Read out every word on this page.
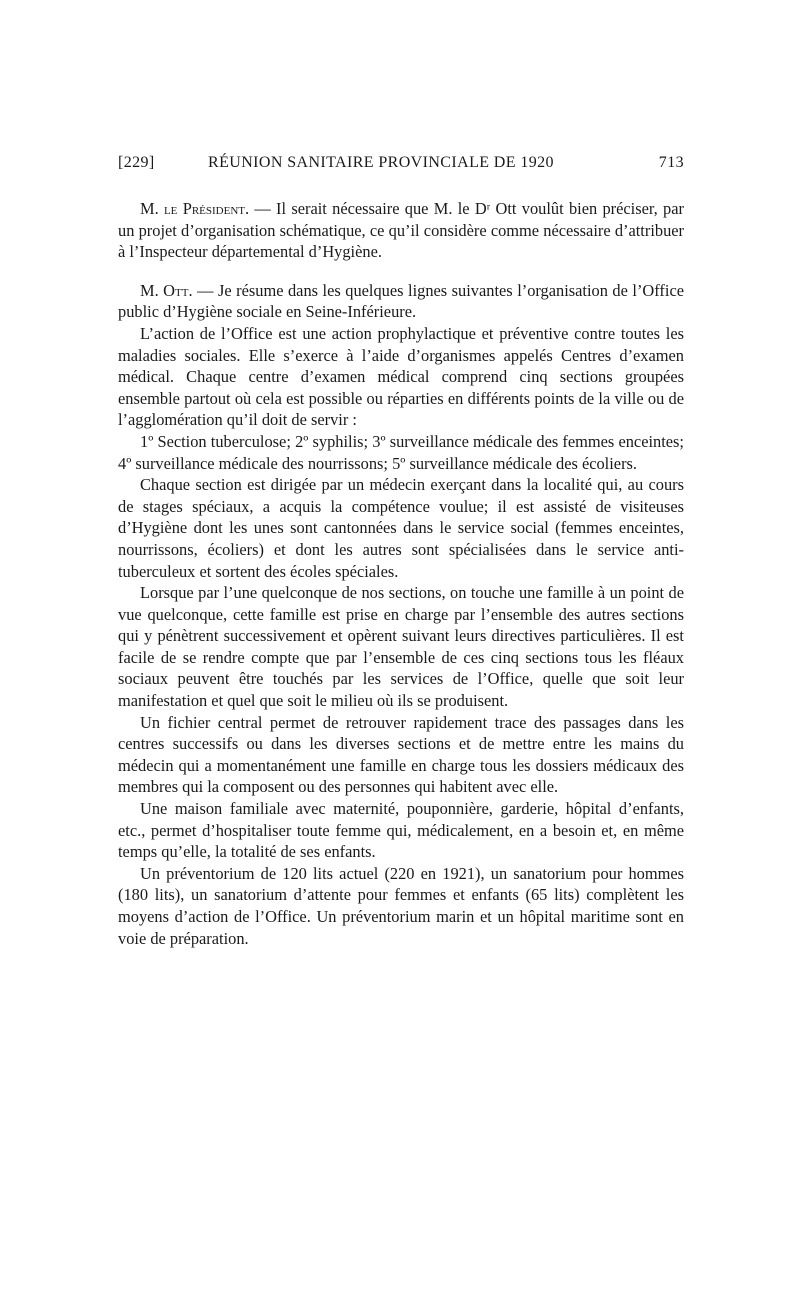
[229]	RÉUNION SANITAIRE PROVINCIALE DE 1920	713

M. le Président. — Il serait nécessaire que M. le Dʳ Ott voulût bien préciser, par un projet d’organisation schématique, ce qu’il considère comme nécessaire d’attribuer à l’Inspecteur départemental d’Hygiène.

M. Ott. — Je résume dans les quelques lignes suivantes l’organisation de l’Office public d’Hygiène sociale en Seine-Inférieure.

L’action de l’Office est une action prophylactique et préventive contre toutes les maladies sociales. Elle s’exerce à l’aide d’organismes appelés Centres d’examen médical. Chaque centre d’examen médical comprend cinq sections groupées ensemble partout où cela est possible ou réparties en différents points de la ville ou de l’agglomération qu’il doit de servir :

1º Section tuberculose; 2º syphilis; 3º surveillance médicale des femmes enceintes; 4º surveillance médicale des nourrissons; 5º surveillance médicale des écoliers.

Chaque section est dirigée par un médecin exerçant dans la localité qui, au cours de stages spéciaux, a acquis la compétence voulue; il est assisté de visiteuses d’Hygiène dont les unes sont cantonnées dans le service social (femmes enceintes, nourrissons, écoliers) et dont les autres sont spécialisées dans le service anti-tuberculeux et sortent des écoles spéciales.

Lorsque par l’une quelconque de nos sections, on touche une famille à un point de vue quelconque, cette famille est prise en charge par l’ensemble des autres sections qui y pénètrent successivement et opèrent suivant leurs directives particulières. Il est facile de se rendre compte que par l’ensemble de ces cinq sections tous les fléaux sociaux peuvent être touchés par les services de l’Office, quelle que soit leur manifestation et quel que soit le milieu où ils se produisent.

Un fichier central permet de retrouver rapidement trace des passages dans les centres successifs ou dans les diverses sections et de mettre entre les mains du médecin qui a momentanément une famille en charge tous les dossiers médicaux des membres qui la composent ou des personnes qui habitent avec elle.

Une maison familiale avec maternité, pouponnière, garderie, hôpital d’enfants, etc., permet d’hospitaliser toute femme qui, médicalement, en a besoin et, en même temps qu’elle, la totalité de ses enfants.

Un préventorium de 120 lits actuel (220 en 1921), un sanatorium pour hommes (180 lits), un sanatorium d’attente pour femmes et enfants (65 lits) complètent les moyens d’action de l’Office. Un préventorium marin et un hôpital maritime sont en voie de préparation.
